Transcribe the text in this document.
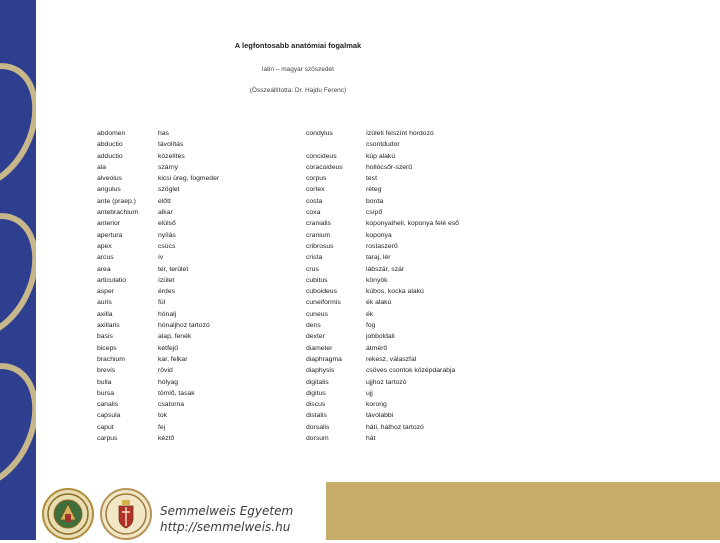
A legfontosabb anatómiai fogalmak
latin – magyar szószedet
(Összeállította: Dr. Hajdu Ferenc)
abdomen	has
abductio	távolítás
adductio	közelítés
ala	szárny
alveolus	kicsi üreg, fogmeder
angulus	szöglet
ante (praep.)	előtt
antebrachium	alkar
anterior	elülső
apertura	nyílás
apex	csúcs
arcus	ív
area	tér, terület
articulatio	ízület
asper	érdes
auris	fül
axilla	hónalj
axillaris	hónaljhoz tartozó
basis	alap, fenék
biceps	kétfejű
brachium	kar, felkar
brevis	rövid
bulla	hólyag
bursa	tömlő, tasak
canalis	csatorna
capsula	tok
caput	fej
carpus	kéztő
condylus	ízületi felszínt hordozó
csontdudor
concideus	kúp alakú
coracoideus	hollócsőr-szerű
corpus	test
cortex	réteg
costa	borda
coxa	csípő
cranialis	koponyaiheli, koponya felé eső
cranium	koponya
cribrosus	rostaszerű
crista	taraj, lér
crus	lábszár, szár
cubitus	könyök
cuboideus	kúbos, kocka alakú
cuneiformis	ék alakú
cuneus	ék
dens	fog
dexter	jobboldali
diameter	átmérő
diaphragma	rekesz, válaszfal
diaphysis	csöves csontok középdarabja
digitalis	ujjhoz tartozó
digitus	ujj
discus	korong
distalis	távolabbi
dorsalis	háti, háthoz tartozó
dorsum	hát
Semmelweis Egyetem
http://semmelweis.hu
